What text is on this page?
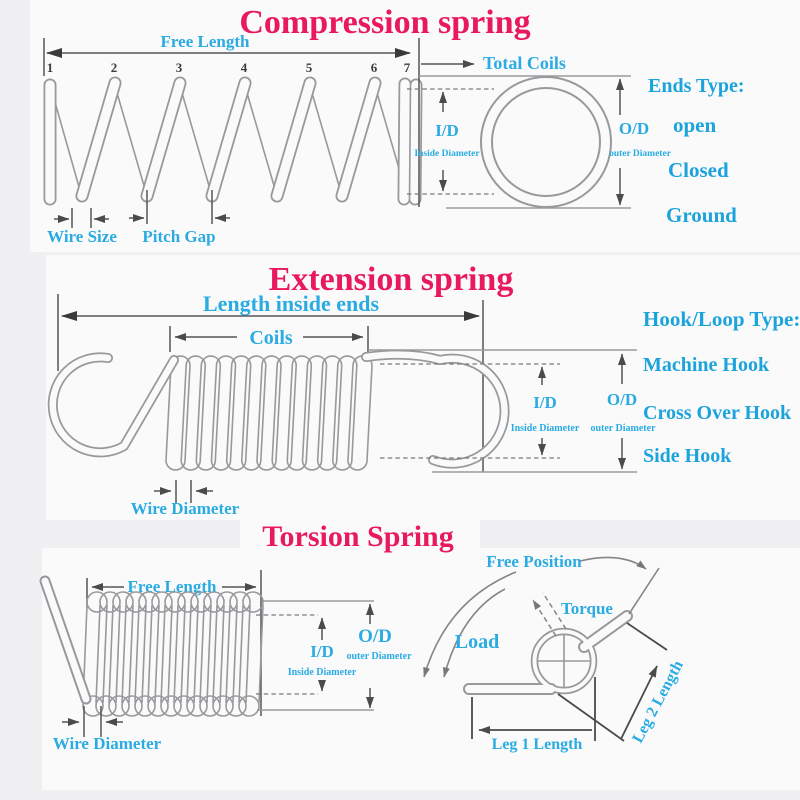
Compression spring
1	2	3	4	5	6 7
Free Length
Total Coils
I/D
Inside Diameter
O/D
outer Diameter
Ends Type:
open
Closed
Ground
Wire Size Pitch Gap
Extension spring
Length inside ends
Coils
I/D
Inside Diameter
O/D
outer Diameter
Hook/Loop Type:
Machine Hook
Cross Over Hook
Side Hook
Wire Diameter
Torsion Spring
Free Length
O/D
outer Diameter
I/D
Inside Diameter
Wire Diameter
Free Position
Load
Torque
Leg 1 Length	Leg 2 Length
